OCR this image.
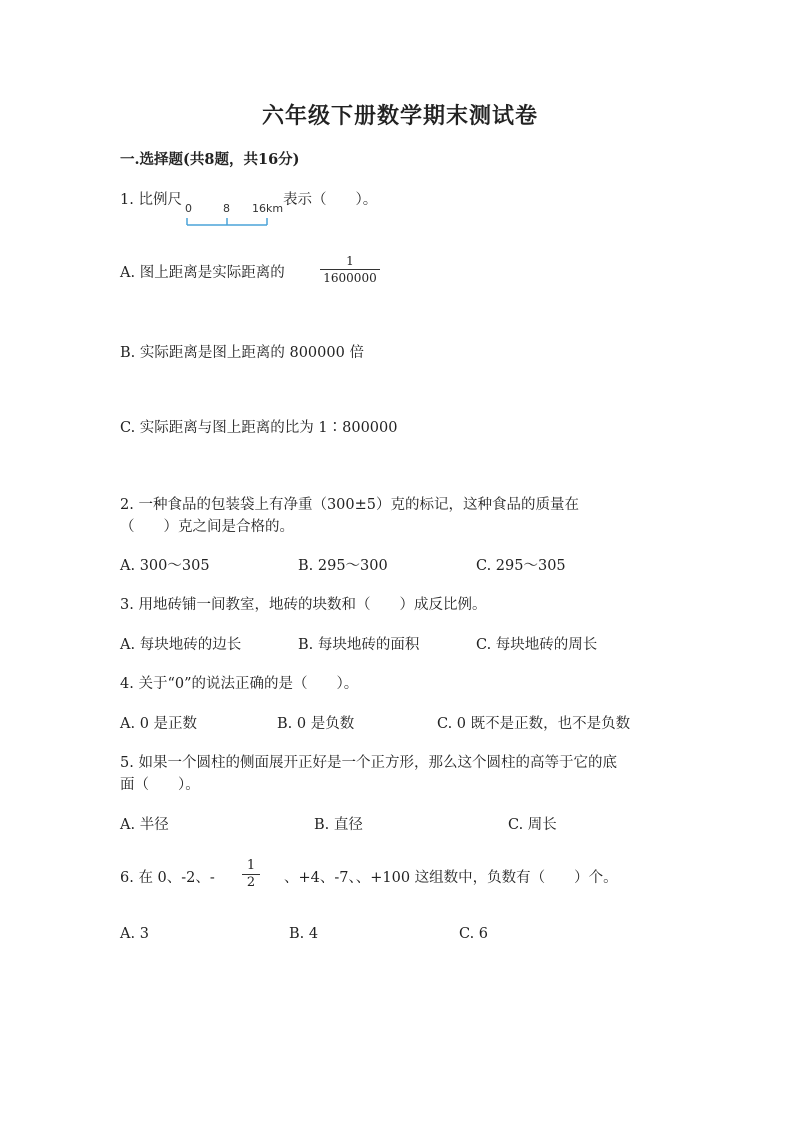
六年级下册数学期末测试卷
一.选择题(共8题，共16分)
1. 比例尺
0	8 16km
表示（　　）。
A. 图上距离是实际距离的
1
1600000
B. 实际距离是图上距离的 800000 倍
C. 实际距离与图上距离的比为 1∶800000
2. 一种食品的包装袋上有净重（300±5）克的标记，这种食品的质量在
（　　）克之间是合格的。
A. 300～305	B. 295～300	C. 295～305
3. 用地砖铺一间教室，地砖的块数和（　　）成反比例。
A. 每块地砖的边长	B. 每块地砖的面积	C. 每块地砖的周长
4. 关于“0”的说法正确的是（　　）。
A. 0 是正数	B. 0 是负数	C. 0 既不是正数，也不是负数
5. 如果一个圆柱的侧面展开正好是一个正方形，那么这个圆柱的高等于它的底
面（　　）。
A. 半径	B. 直径	C. 周长
6. 在 0、-2、-
1
2	、+4、-7、、+100 这组数中，负数有（　　）个。
A. 3	B. 4	C. 6
